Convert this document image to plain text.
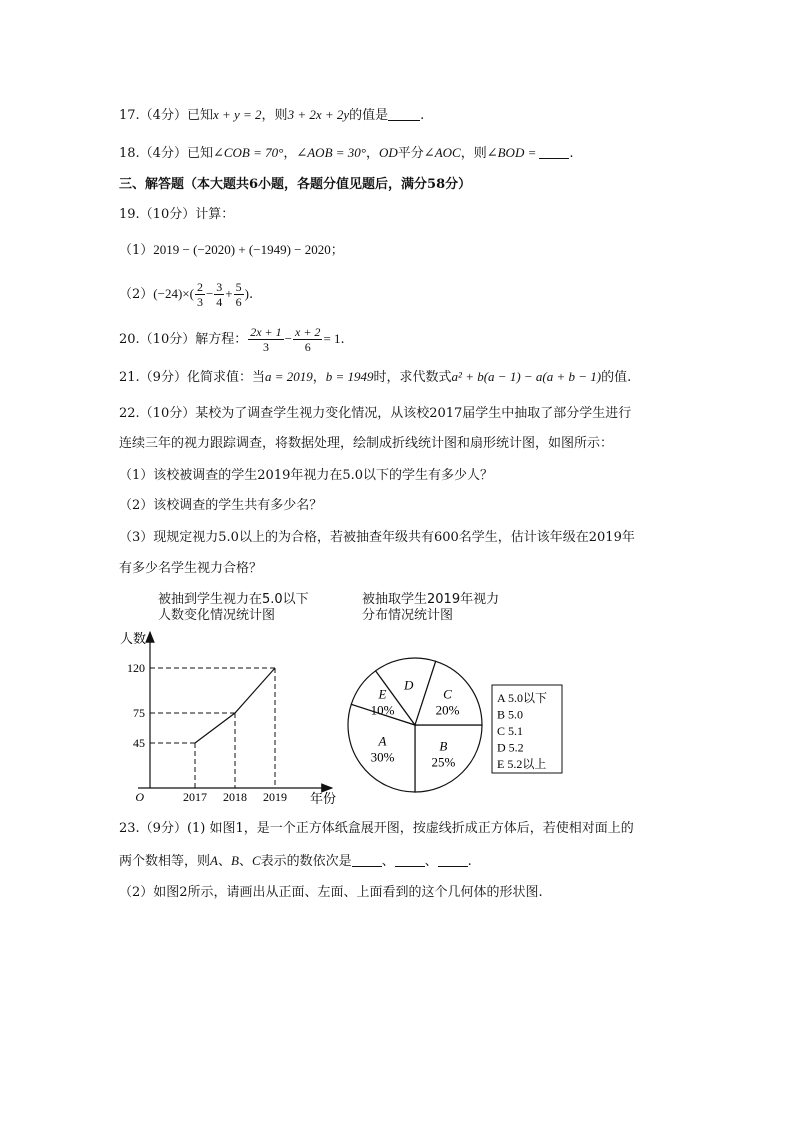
17.（4分）已知x + y = 2，则3 + 2x + 2y的值是 .
18.（4分）已知∠COB = 70°，∠AOB = 30°，OD平分∠AOC，则∠BOD =	.
三、解答题（本大题共6小题，各题分值见题后，满分58分）
19.（10分）计算：
（1）2019 − (−2020) + (−1949) − 2020；
$(2)(-24)\times( \frac{2}{3} - \frac{3}{4} + \frac{5}{6}$ ).
20.（10分）解方程： $\frac{2x + 1}{3} - \frac{x + 2}{6} = 1$.
21.（9分）化简求值：当a = 2019，b = 1949时，求代数式a² + b(a − 1) − a(a + b − 1)的值.
22.（10分）某校为了调查学生视力变化情况，从该校2017届学生中抽取了部分学生进行
连续三年的视力跟踪调查，将数据处理，绘制成折线统计图和扇形统计图，如图所示：
（1）该校被调查的学生2019年视力在5.0以下的学生有多少人？
（2）该校调查的学生共有多少名？
（3）现规定视力5.0以上的为合格，若被抽查年级共有600名学生，估计该年级在2019年
有多少名学生视力合格？
被抽到学生视力在5.0以下
人数变化情况统计图
被抽取学生2019年视力
分布情况统计图
人数
年份
O
45
75
120
2017 2018 2019
B
25%
A
30%
E
10%
D
C
20%
A 5.0以下
B 5.0
C 5.1
D 5.2
E 5.2以上
23.（9分）(1) 如图1，是一个正方体纸盒展开图，按虚线折成正方体后，若使相对面上的
两个数相等，则A、B、C表示的数依次是 、 、 .
（2）如图2所示，请画出从正面、左面、上面看到的这个几何体的形状图.
